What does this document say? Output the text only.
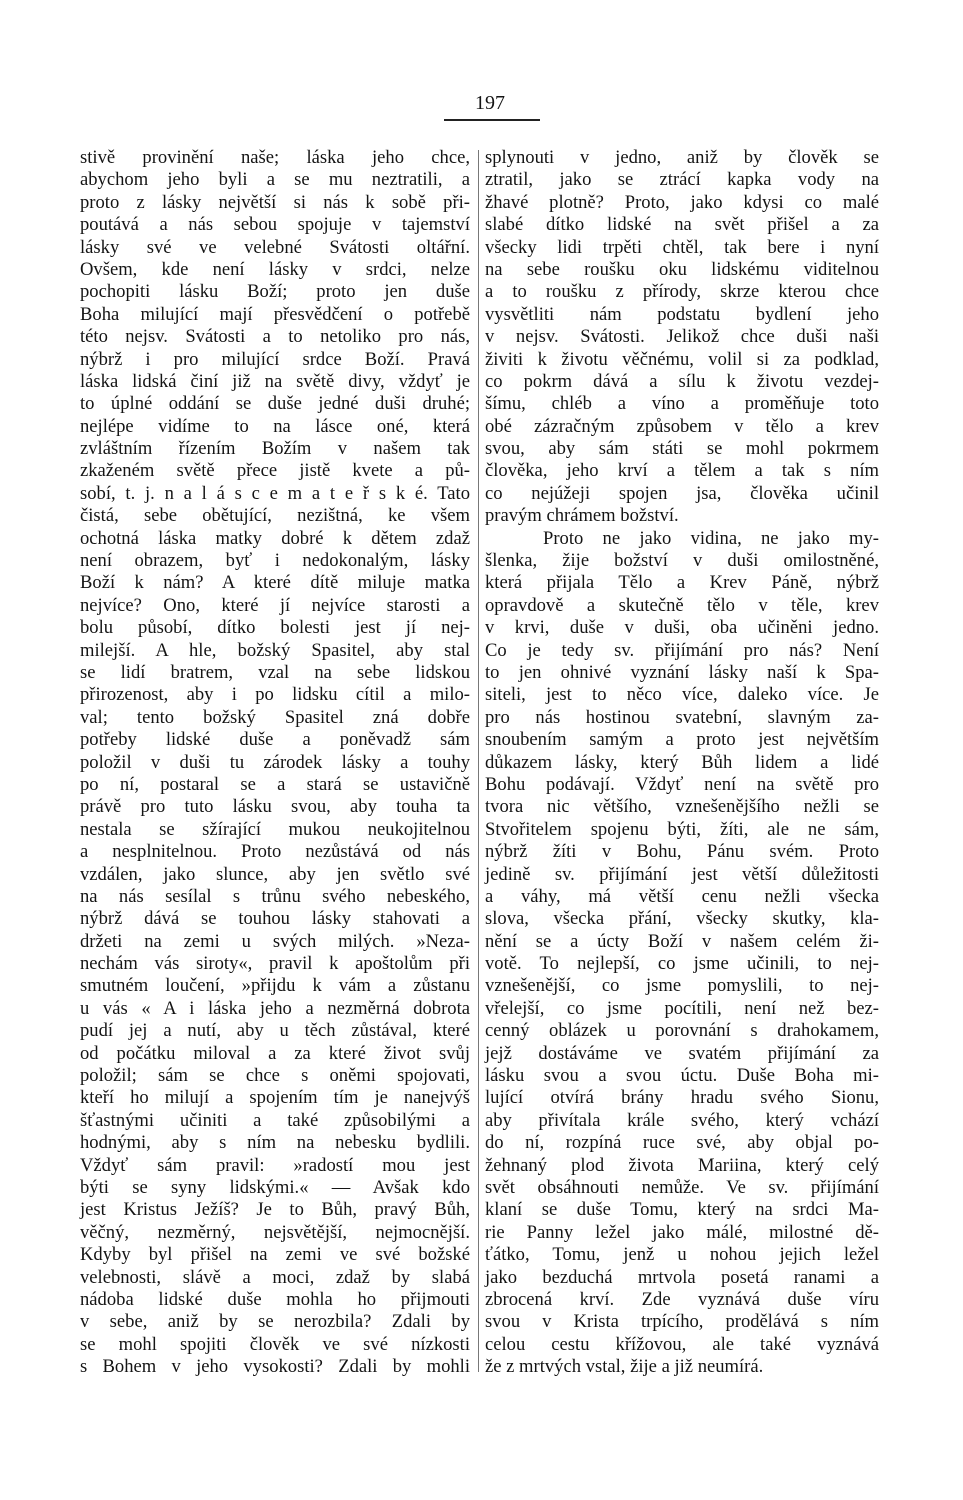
197
stivě provinění naše; láska jeho chce,
abychom jeho byli a se mu neztratili, a
proto z lásky největší si nás k sobě při-
poutává a nás sebou spojuje v tajemství
lásky své ve velebné Svátosti oltářní.
Ovšem, kde není lásky v srdci, nelze
pochopiti lásku Boží; proto jen duše
Boha milující mají přesvědčení o potřebě
této nejsv. Svátosti a to netoliko pro nás,
nýbrž i pro milující srdce Boží. Pravá
láska lidská činí již na světě divy, vždyť je
to úplné oddání se duše jedné duši druhé;
nejlépe vidíme to na lásce oné, která
zvláštním řízením Božím v našem tak
zkaženém světě přece jistě kvete a pů-
sobí, t. j. n a l á s c e m a t e ř s k é. Tato
čistá, sebe obětující, nezištná, ke všem
ochotná láska matky dobré k dětem zdaž
není obrazem, byť i nedokonalým, lásky
Boží k nám? A které dítě miluje matka
nejvíce? Ono, které jí nejvíce starosti a
bolu působí, dítko bolesti jest jí nej-
milejší. A hle, božský Spasitel, aby stal
se lidí bratrem, vzal na sebe lidskou
přirozenost, aby i po lidsku cítil a milo-
val; tento božský Spasitel zná dobře
potřeby lidské duše a poněvadž sám
položil v duši tu zárodek lásky a touhy
po ní, postaral se a stará se ustavičně
právě pro tuto lásku svou, aby touha ta
nestala se sžírající mukou neukojitelnou
a nesplnitelnou. Proto nezůstává od nás
vzdálen, jako slunce, aby jen světlo své
na nás sesílal s trůnu svého nebeského,
nýbrž dává se touhou lásky stahovati a
držeti na zemi u svých milých. »Neza-
nechám vás siroty«, pravil k apoštolům při
smutném loučení, »přijdu k vám a zůstanu
u vás « A i láska jeho a nezměrná dobrota
pudí jej a nutí, aby u těch zůstával, které
od počátku miloval a za které život svůj
položil; sám se chce s oněmi spojovati,
kteří ho milují a spojením tím je nanejvýš
šťastnými učiniti a také způsobilými a
hodnými, aby s ním na nebesku bydlili.
Vždyť sám pravil: »radostí mou jest
býti se syny lidskými.« — Avšak kdo
jest Kristus Ježíš? Je to Bůh, pravý Bůh,
věčný, nezměrný, nejsvětější, nejmocnější.
Kdyby byl přišel na zemi ve své božské
velebnosti, slávě a moci, zdaž by slabá
nádoba lidské duše mohla ho přijmouti
v sebe, aniž by se nerozbila? Zdali by
se mohl spojiti člověk ve své nízkosti
s Bohem v jeho vysokosti? Zdali by mohli
splynouti v jedno, aniž by člověk se
ztratil, jako se ztrácí kapka vody na
žhavé plotně? Proto, jako kdysi co malé
slabé dítko lidské na svět přišel a za
všecky lidi trpěti chtěl, tak bere i nyní
na sebe roušku oku lidskému viditelnou
a to roušku z přírody, skrze kterou chce
vysvětliti nám podstatu bydlení jeho
v nejsv. Svátosti. Jelikož chce duši naši
živiti k životu věčnému, volil si za podklad,
co pokrm dává a sílu k životu vezdej-
šímu, chléb a víno a proměňuje toto
obé zázračným způsobem v tělo a krev
svou, aby sám státi se mohl pokrmem
člověka, jeho krví a tělem a tak s ním
co nejúžeji spojen jsa, člověka učinil
pravým chrámem božství.
Proto ne jako vidina, ne jako my-
šlenka, žije božství v duši omilostněné,
která přijala Tělo a Krev Páně, nýbrž
opravdově a skutečně tělo v těle, krev
v krvi, duše v duši, oba učiněni jedno.
Co je tedy sv. přijímání pro nás? Není
to jen ohnivé vyznání lásky naší k Spa-
siteli, jest to něco více, daleko více. Je
pro nás hostinou svatební, slavným za-
snoubením samým a proto jest největším
důkazem lásky, který Bůh lidem a lidé
Bohu podávají. Vždyť není na světě pro
tvora nic většího, vznešenějšího nežli se
Stvořitelem spojenu býti, žíti, ale ne sám,
nýbrž žíti v Bohu, Pánu svém. Proto
jedině sv. přijímání jest větší důležitosti
a váhy, má větší cenu nežli všecka
slova, všecka přání, všecky skutky, kla-
nění se a úcty Boží v našem celém ži-
votě. To nejlepší, co jsme učinili, to nej-
vznešenější, co jsme pomyslili, to nej-
vřelejší, co jsme pocítili, není než bez-
cenný oblázek u porovnání s drahokamem,
jejž dostáváme ve svatém přijímání za
lásku svou a svou úctu. Duše Boha mi-
lující otvírá brány hradu svého Sionu,
aby přivítala krále svého, který vchází
do ní, rozpíná ruce své, aby objal po-
žehnaný plod života Mariina, který celý
svět obsáhnouti nemůže. Ve sv. přijímání
klaní se duše Tomu, který na srdci Ma-
rie Panny ležel jako málé, milostné dě-
ťátko, Tomu, jenž u nohou jejich ležel
jako bezduchá mrtvola posetá ranami a
zbrocená krví. Zde vyznává duše víru
svou v Krista trpícího, prodělává s ním
celou cestu křížovou, ale také vyznává
že z mrtvých vstal, žije a již neumírá.
